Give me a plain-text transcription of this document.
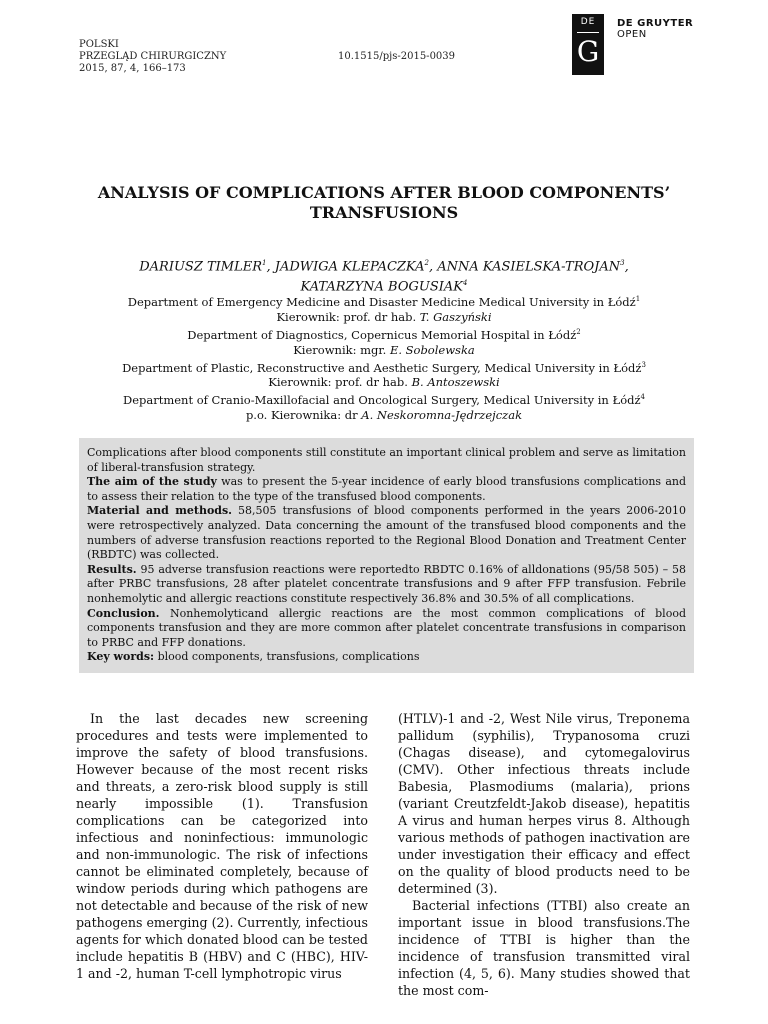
POLSKI
PRZEGLĄD CHIRURGICZNY
2015, 87, 4, 166–173
10.1515/pjs-2015-0039
DE
G
DE GRUYTER
OPEN
ANALYSIS OF COMPLICATIONS AFTER BLOOD COMPONENTS’
TRANSFUSIONS
DARIUSZ TIMLER$^1$, JADWIGA KLEPACZKA$^2$, ANNA KASIELSKA-TROJAN$^3$,
KATARZYNA BOGUSIAK$^4$
Department of Emergency Medicine and Disaster Medicine Medical University in Łódź$^1$
Kierownik: prof. dr hab. T. Gaszyński
Department of Diagnostics, Copernicus Memorial Hospital in Łódź$^2$
Kierownik: mgr. E. Sobolewska
Department of Plastic, Reconstructive and Aesthetic Surgery, Medical University in Łódź$^3$
Kierownik: prof. dr hab. B. Antoszewski
Department of Cranio-Maxillofacial and Oncological Surgery, Medical University in Łódź$^4$
p.o. Kierownika: dr A. Neskoromna-Jędrzejczak

Complications after blood components still constitute an important clinical problem and serve as limitation of liberal-transfusion strategy.

The aim of the study was to present the 5-year incidence of early blood transfusions complications and to assess their relation to the type of the transfused blood components.

Material and methods. 58,505 transfusions of blood components performed in the years 2006-2010 were retrospectively analyzed. Data concerning the amount of the transfused blood components and the numbers of adverse transfusion reactions reported to the Regional Blood Donation and Treatment Center (RBDTC) was collected.

Results. 95 adverse transfusion reactions were reportedto RBDTC 0.16% of alldonations (95/58 505) – 58 after PRBC transfusions, 28 after platelet concentrate transfusions and 9 after FFP transfusion. Febrile nonhemolytic and allergic reactions constitute respectively 36.8% and 30.5% of all complications.

Conclusion. Nonhemolyticand allergic reactions are the most common complications of blood components transfusion and they are more common after platelet concentrate transfusions in comparison to PRBC and FFP donations.

Key words: blood components, transfusions, complications

In the last decades new screening procedures and tests were implemented to improve the safety of blood transfusions. However because of the most recent risks and threats, a zero-risk blood supply is still nearly impossible (1). Transfusion complications can be categorized into infectious and noninfectious: immunologic and non-immunologic. The risk of infections cannot be eliminated completely, because of window periods during which pathogens are not detectable and because of the risk of new pathogens emerging (2). Currently, infectious agents for which donated blood can be tested include hepatitis B (HBV) and C (HBC), HIV-1 and -2, human T-cell lymphotropic virus

(HTLV)-1 and -2, West Nile virus, Treponema pallidum (syphilis), Trypanosoma cruzi (Chagas disease), and cytomegalovirus (CMV). Other infectious threats include Babesia, Plasmodiums (malaria), prions (variant Creutzfeldt-Jakob disease), hepatitis A virus and human herpes virus 8. Although various methods of pathogen inactivation are under investigation their efficacy and effect on the quality of blood products need to be determined (3).

Bacterial infections (TTBI) also create an important issue in blood transfusions.The incidence of TTBI is higher than the incidence of transfusion transmitted viral infection (4, 5, 6). Many studies showed that the most com-
